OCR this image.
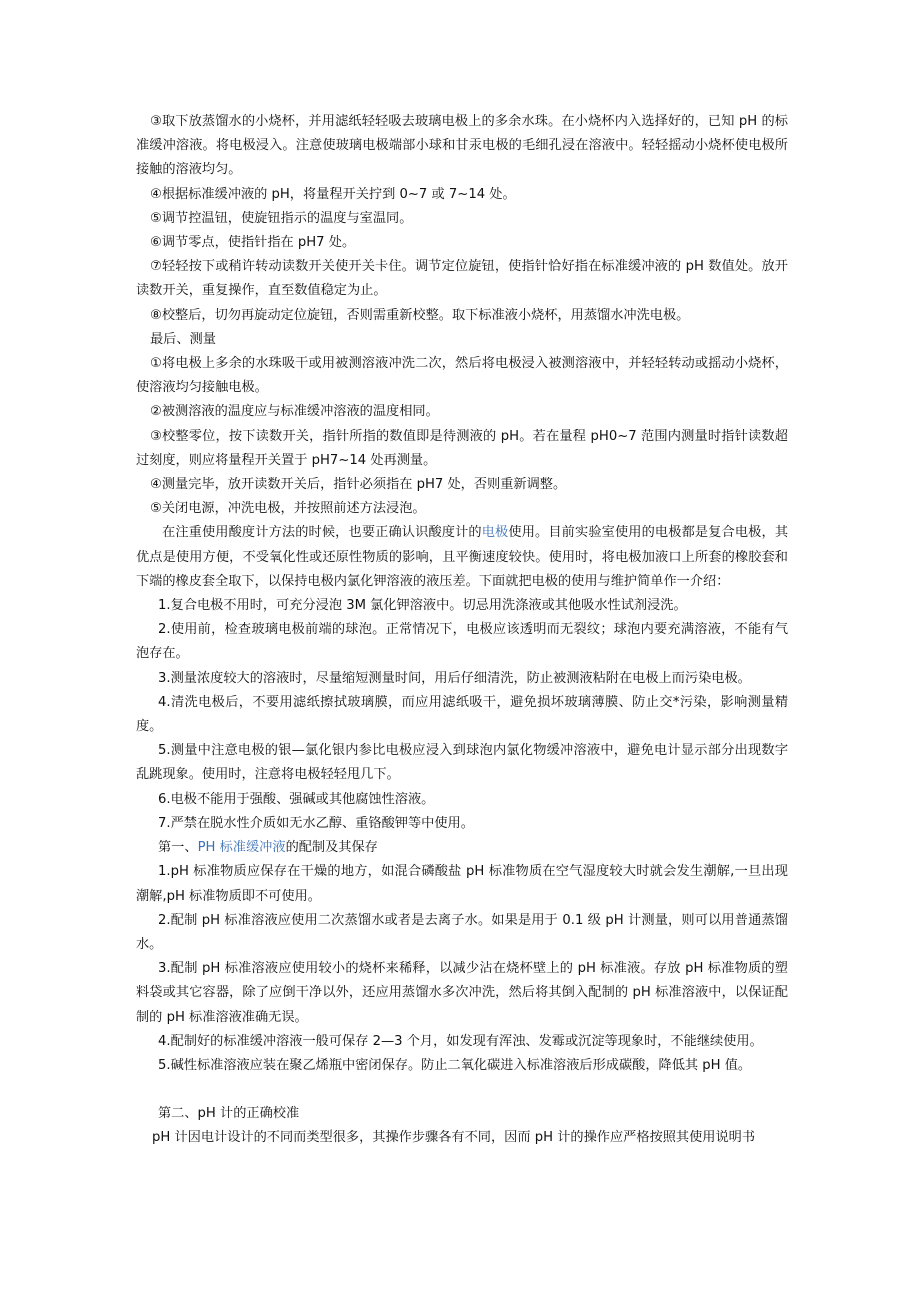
③取下放蒸馏水的小烧杯，并用滤纸轻轻吸去玻璃电极上的多余水珠。在小烧杯内入选择好的，已知 pH 的标准缓冲溶液。将电极浸入。注意使玻璃电极端部小球和甘汞电极的毛细孔浸在溶液中。轻轻摇动小烧杯使电极所接触的溶液均匀。

④根据标准缓冲液的 pH，将量程开关拧到 0~7 或 7~14 处。

⑤调节控温钮，使旋钮指示的温度与室温同。

⑥调节零点，使指针指在 pH7 处。

⑦轻轻按下或稍许转动读数开关使开关卡住。调节定位旋钮，使指针恰好指在标准缓冲液的 pH 数值处。放开读数开关，重复操作，直至数值稳定为止。

⑧校整后，切勿再旋动定位旋钮，否则需重新校整。取下标准液小烧杯，用蒸馏水冲洗电极。

最后、测量

①将电极上多余的水珠吸干或用被测溶液冲洗二次，然后将电极浸入被测溶液中，并轻轻转动或摇动小烧杯，使溶液均匀接触电极。

②被测溶液的温度应与标准缓冲溶液的温度相同。

③校整零位，按下读数开关，指针所指的数值即是待测液的 pH。若在量程 pH0~7 范围内测量时指针读数超过刻度，则应将量程开关置于 pH7~14 处再测量。

④测量完毕，放开读数开关后，指针必须指在 pH7 处，否则重新调整。

⑤关闭电源，冲洗电极，并按照前述方法浸泡。

在注重使用酸度计方法的时候，也要正确认识酸度计的电极使用。目前实验室使用的电极都是复合电极，其优点是使用方便，不受氧化性或还原性物质的影响，且平衡速度较快。使用时，将电极加液口上所套的橡胶套和下端的橡皮套全取下，以保持电极内氯化钾溶液的液压差。下面就把电极的使用与维护简单作一介绍：

1.复合电极不用时，可充分浸泡 3M 氯化钾溶液中。切忌用洗涤液或其他吸水性试剂浸洗。

2.使用前，检查玻璃电极前端的球泡。正常情况下，电极应该透明而无裂纹；球泡内要充满溶液，不能有气泡存在。

3.测量浓度较大的溶液时，尽量缩短测量时间，用后仔细清洗，防止被测液粘附在电极上而污染电极。

4.清洗电极后，不要用滤纸擦拭玻璃膜，而应用滤纸吸干，避免损坏玻璃薄膜、防止交*污染，影响测量精度。

5.测量中注意电极的银—氯化银内参比电极应浸入到球泡内氯化物缓冲溶液中，避免电计显示部分出现数字乱跳现象。使用时，注意将电极轻轻甩几下。

6.电极不能用于强酸、强碱或其他腐蚀性溶液。

7.严禁在脱水性介质如无水乙醇、重铬酸钾等中使用。

第一、PH 标准缓冲液的配制及其保存

1.pH 标准物质应保存在干燥的地方，如混合磷酸盐 pH 标准物质在空气湿度较大时就会发生潮解,一旦出现潮解,pH 标准物质即不可使用。

2.配制 pH 标准溶液应使用二次蒸馏水或者是去离子水。如果是用于 0.1 级 pH 计测量，则可以用普通蒸馏水。

3.配制 pH 标准溶液应使用较小的烧杯来稀释，以减少沾在烧杯壁上的 pH 标准液。存放 pH 标准物质的塑料袋或其它容器，除了应倒干净以外，还应用蒸馏水多次冲洗，然后将其倒入配制的 pH 标准溶液中，以保证配制的 pH 标准溶液准确无误。

4.配制好的标准缓冲溶液一般可保存 2—3 个月，如发现有浑浊、发霉或沉淀等现象时，不能继续使用。

5.碱性标准溶液应装在聚乙烯瓶中密闭保存。防止二氧化碳进入标准溶液后形成碳酸，降低其 pH 值。

第二、pH 计的正确校准

pH 计因电计设计的不同而类型很多，其操作步骤各有不同，因而 pH 计的操作应严格按照其使用说明书
